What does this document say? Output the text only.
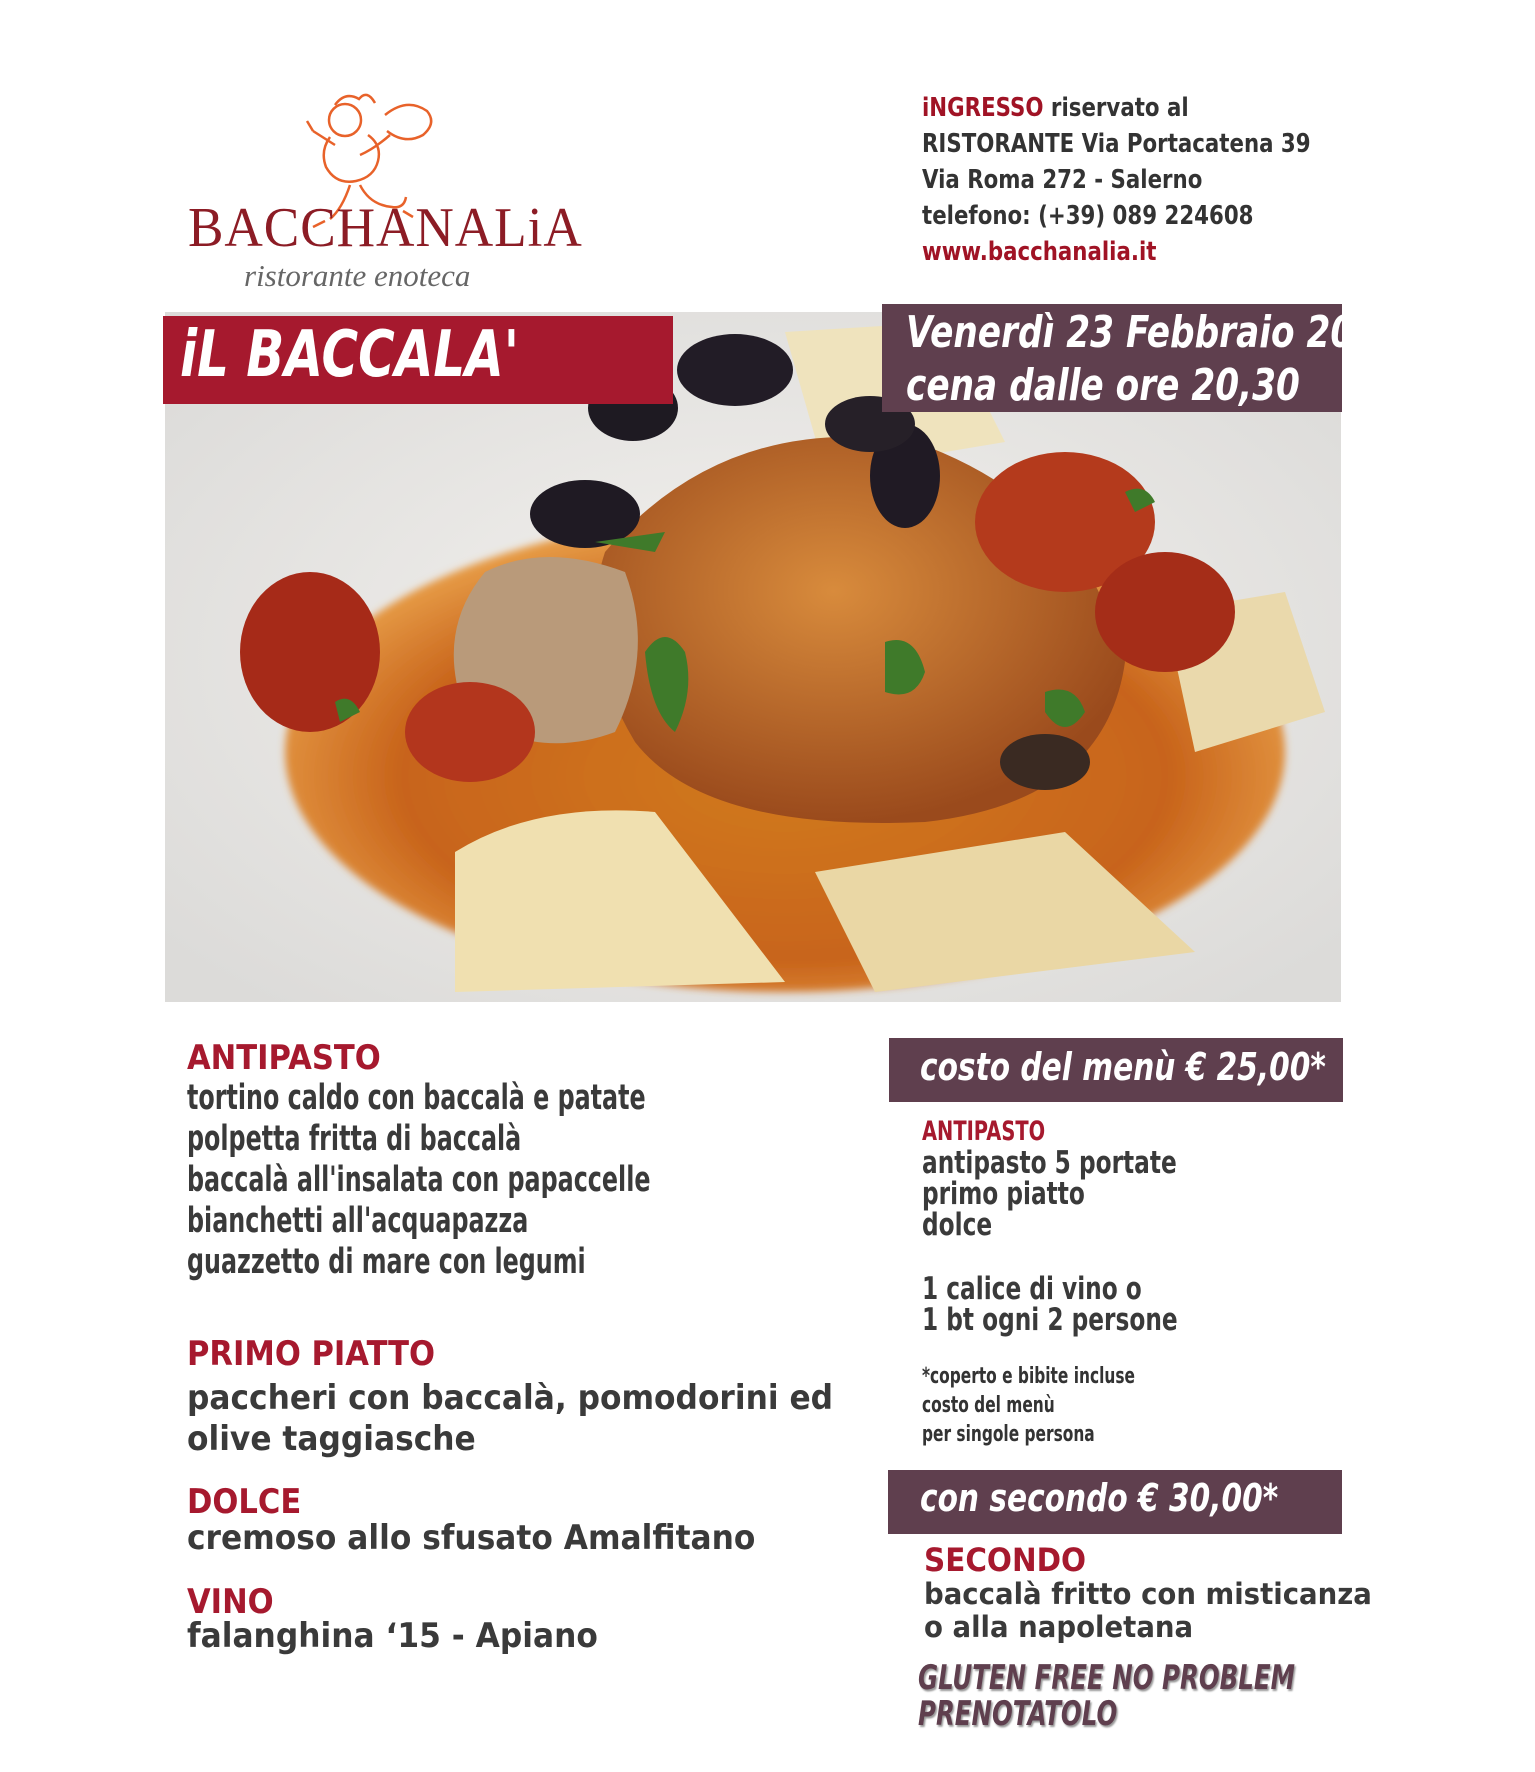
BACCHANALiA
ristorante enoteca
iNGRESSO riservato al
RISTORANTE Via Portacatena 39
Via Roma 272 - Salerno
telefono: (+39) 089 224608
www.bacchanalia.it
iL BACCALA'	Venerdì 23 Febbraio 2018
cena dalle ore 20,30
ANTIPASTO
tortino caldo con baccalà e patate
polpetta fritta di baccalà
baccalà all'insalata con papaccelle
bianchetti all'acquapazza
guazzetto di mare con legumi
PRIMO PIATTO
paccheri con baccalà, pomodorini ed
olive taggiasche
DOLCE
cremoso allo sfusato Amalfitano
VINO
falanghina ‘15 - Apiano
costo del menù € 25,00*
ANTIPASTO
antipasto 5 portate
primo piatto
dolce
1 calice di vino o
1 bt ogni 2 persone
*coperto e bibite incluse
costo del menù
per singole persona
con secondo € 30,00*
SECONDO
baccalà fritto con misticanza
o alla napoletana
GLUTEN FREE NO PROBLEM
PRENOTATOLO
